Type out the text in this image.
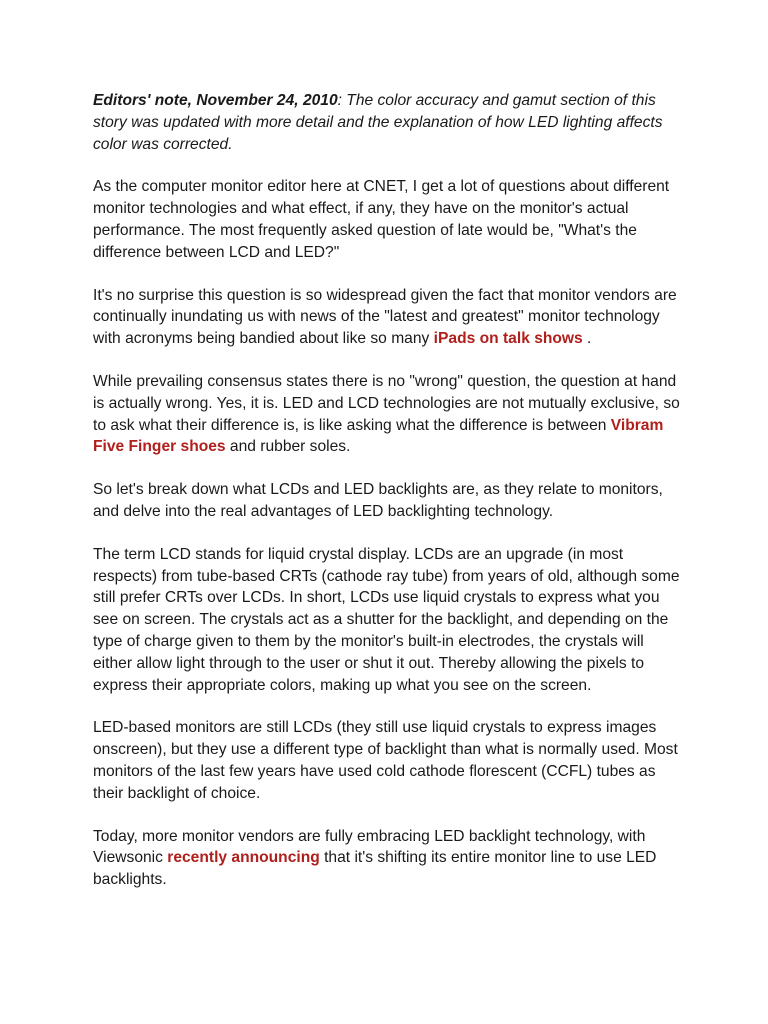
Editors' note, November 24, 2010: The color accuracy and gamut section of this story was updated with more detail and the explanation of how LED lighting affects color was corrected.

As the computer monitor editor here at CNET, I get a lot of questions about different monitor technologies and what effect, if any, they have on the monitor's actual performance. The most frequently asked question of late would be, "What's the difference between LCD and LED?"

It's no surprise this question is so widespread given the fact that monitor vendors are continually inundating us with news of the "latest and greatest" monitor technology with acronyms being bandied about like so many iPads on talk shows .

While prevailing consensus states there is no "wrong" question, the question at hand is actually wrong. Yes, it is. LED and LCD technologies are not mutually exclusive, so to ask what their difference is, is like asking what the difference is between Vibram Five Finger shoes and rubber soles.

So let's break down what LCDs and LED backlights are, as they relate to monitors, and delve into the real advantages of LED backlighting technology.

The term LCD stands for liquid crystal display. LCDs are an upgrade (in most respects) from tube-based CRTs (cathode ray tube) from years of old, although some still prefer CRTs over LCDs. In short, LCDs use liquid crystals to express what you see on screen. The crystals act as a shutter for the backlight, and depending on the type of charge given to them by the monitor's built-in electrodes, the crystals will either allow light through to the user or shut it out. Thereby allowing the pixels to express their appropriate colors, making up what you see on the screen.

LED-based monitors are still LCDs (they still use liquid crystals to express images onscreen), but they use a different type of backlight than what is normally used. Most monitors of the last few years have used cold cathode florescent (CCFL) tubes as their backlight of choice.

Today, more monitor vendors are fully embracing LED backlight technology, with Viewsonic recently announcing that it's shifting its entire monitor line to use LED backlights.
